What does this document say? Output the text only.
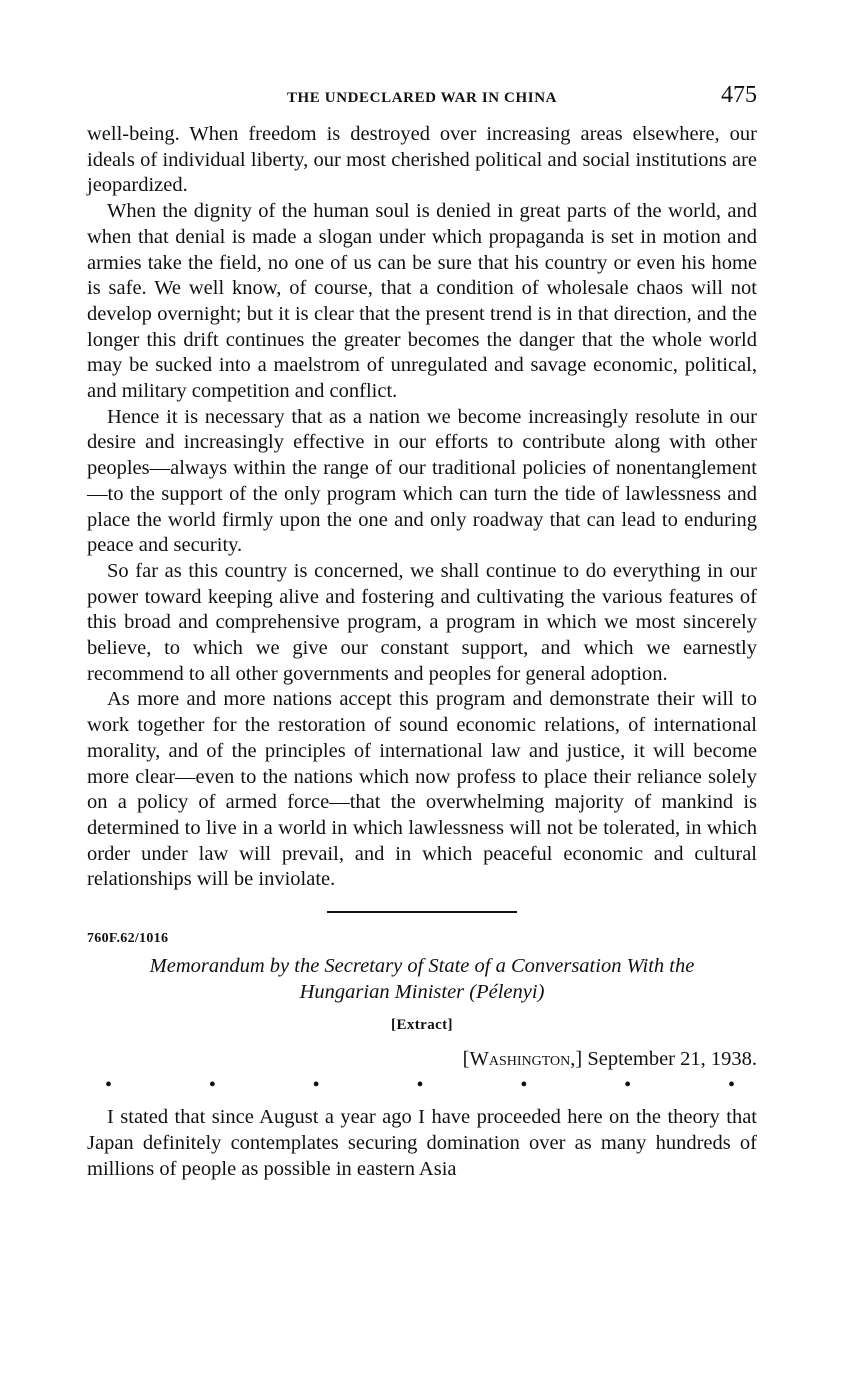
THE UNDECLARED WAR IN CHINA	475

well-being. When freedom is destroyed over increasing areas elsewhere, our ideals of individual liberty, our most cherished political and social institutions are jeopardized.

When the dignity of the human soul is denied in great parts of the world, and when that denial is made a slogan under which propaganda is set in motion and armies take the field, no one of us can be sure that his country or even his home is safe. We well know, of course, that a condition of wholesale chaos will not develop overnight; but it is clear that the present trend is in that direction, and the longer this drift continues the greater becomes the danger that the whole world may be sucked into a maelstrom of unregulated and savage economic, political, and military competition and conflict.

Hence it is necessary that as a nation we become increasingly resolute in our desire and increasingly effective in our efforts to contribute along with other peoples—always within the range of our traditional policies of nonentanglement—to the support of the only program which can turn the tide of lawlessness and place the world firmly upon the one and only roadway that can lead to enduring peace and security.

So far as this country is concerned, we shall continue to do everything in our power toward keeping alive and fostering and cultivating the various features of this broad and comprehensive program, a program in which we most sincerely believe, to which we give our constant support, and which we earnestly recommend to all other governments and peoples for general adoption.

As more and more nations accept this program and demonstrate their will to work together for the restoration of sound economic relations, of international morality, and of the principles of international law and justice, it will become more clear—even to the nations which now profess to place their reliance solely on a policy of armed force—that the overwhelming majority of mankind is determined to live in a world in which lawlessness will not be tolerated, in which order under law will prevail, and in which peaceful economic and cultural relationships will be inviolate.

760F.62/1016
Memorandum by the Secretary of State of a Conversation With the
Hungarian Minister (Pélenyi)
[Extract]
[Washington,] September 21, 1938.
•	•	•	•	•	•	•

I stated that since August a year ago I have proceeded here on the theory that Japan definitely contemplates securing domination over as many hundreds of millions of people as possible in eastern Asia
